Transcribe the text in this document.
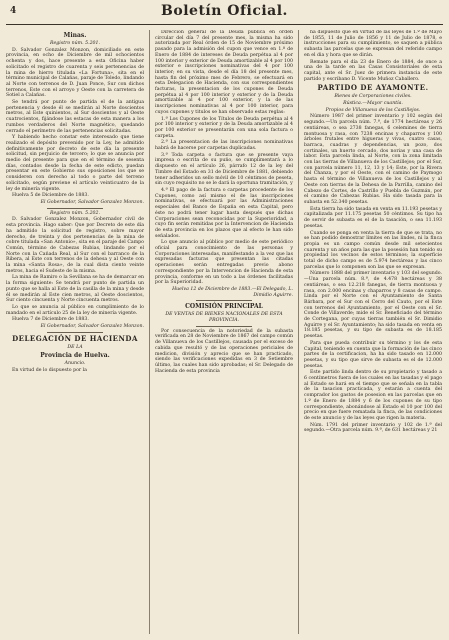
4	Boletín Oficial.
Minas.
Registro núm. 5.201.

D. Salvador Gonzalez Monzon, domiciliado en este provincia, en ocho de Diciembre de mil ochocientos ochenta y dos, hace presente a esta Oficina haber solicitado el registro de cuarenta y seis pertenencias de la mina de hierro titulada «La Fortuna», sita en el término municipal de Calañas, paraje de Toledo, lindando al Norte con terrenos de D. Juan Ponce, Sur con dichos terrenos, Este con el arroyo y Oeste con la carretera de Sotiel a Calañas.

Se tendrá por punto de partida el de la antigua pertenencia y desde él se medirán al Norte doscientos metros, al Este quinientos, al Sur doscientos y al Oeste cuatrocientos, fijándose las estacas de esta manera a los rumbos verdaderos del Norte magnético, quedando cerrado el perímetro de las pertenencias solicitadas.

Y habiendo hecho constar este interesado que tiene realizado el depósito prevenido por la Ley, he admitido definitivamente por decreto de este día la presente solicitud, sin perjuicio de tercero; lo que se anuncia por medio del presente para que en el término de sesenta días, contados desde la fecha de este edicto, puedan presentar en este Gobierno sus oposiciones los que se consideren con derecho al todo o parte del terreno solicitado, según previene el artículo veinticuatro de la ley de minería vigente.

Huelva 5 de Diciembre de 1883.

El Gobernador, Salvador Gonzalez Monzon.

Registro núm. 5.202.

D. Salvador Gonzalez Monzon, Gobernador civil de esta provincia. Hago saber: Que por Decreto de este día ha admitido la solicitud de registro, sobre mayor derecho, de treinta y dos pertenencias de la mina de cobre titulada «San Antonio», sita en el paraje del Campo Común, término de Cabezas Rubias, lindando por el Norte con la Cañada Real, al Sur con el barranco de la Ribera, al Este con terrenos de la dehesa y al Oeste con la mina «Santa Rosa», de la cual dista ciento veinte metros, hacia el Sudeste de la misma.

La mina de Ramiro o la Sevillana se ha de demarcar en la forma siguiente: Se tendrá por punto de partida un punto que se halla al Este de la casilla de la mina y desde él se medirán al Este cien metros, al Oeste doscientos, Sur ciento cincuenta y Norte cincuenta metros.

Lo que se anuncia al público en cumplimiento de lo mandado en el artículo 25 de la ley de minería vigente.

Huelva 7 de Diciembre de 1883.

El Gobernador, Salvador Gonzalez Monzon.

DELEGACIÓN DE HACIENDA
DE LA
Provincia de Huelva.
Anuncio.

En virtud de lo dispuesto por la

Direccion general de la Deuda pública en orden circular del día 7 del presente mes, la misma ha sido autorizada por Real órden de 15 de Noviembre próximo pasado para la admisión del cupon que vence en 1.º de Enero de 1884 de intereses de Deuda perpétua al 4 por 100 interior y exterior de Deuda amortizable al 4 por 100 exterior e inscripciones nominativas del 4 por 100 interior; en su vista, desde el día 18 del presente mes, hasta fin del próximo mes de Febrero, se efectuará en esta Delegacion de Hacienda, con sus correspondientes facturas, la presentacion de los cupones de Deuda perpétua al 4 por 100 interior y exterior y de la Deuda amortizable al 4 por 100 exterior, y la de las inscripciones nominativas al 4 por 100 interior, para cuyos cupones y titulos se han observado estas reglas:

1.ª Los Cupones de los Títulos de Deuda perpétua al 4 por 100 interior y exterior y de la Deuda amortizable al 4 por 100 exterior se presentarán con una sola factura o carpeta.

2.ª La presentacion de las inscripciones nominativas habrá de hacerse por carpetas duplicadas.

3.ª Toda carpeta o factura que se presente vaya impresa o escrita de su puño, se cumplimentará a lo dispuesto en el artículo 26, párrafo 12 de la ley del Timbre del Estado en 31 de Diciembre de 1881, debiendo tener adheridos un sello móvil de 10 céntimos de peseta, sin cuyo requisito no se le dará la oportuna tramitación, y

4.ª El pago de la factura o carpetas procedente de los Cupones, como así mismo el de las inscripciones nominativas, se efectuará por las Administraciones especiales del Banco de España en esta Capital, pero éste no podrá tener lugar hasta después que dichas Corporaciones sean reconocidas por la Superioridad, a cuyo fin serán remitidas por la Intervencion de Hacienda de esta provincia en los plazos que al efecto le han sido señalados.

Lo que anuncio al público por medio de este periódico oficial para conocimiento de las personas y Corporaciones interesadas, manifestando a la vez que las expresadas facturas que presentan las citadas operaciones serán entregadas previo abono correspondiente por la Intervencion de Hacienda de esta provincia, conforme en un todo a las órdenes facilitadas por la Superioridad.

Huelva 12 de Diciembre de 1883.—El Delegado, L. Dimidio Aguirre.

COMISIÓN PRINCIPAL
DE VENTAS DE BIENES NACIONALES DE ESTA PROVINCIA.

Por consecuencia de la notoriedad de la subasta verificada en 28 de Noviembre de 1867 del campo común de Villanueva de los Castillejos, causada por el exceso de cabida que resultó y de las operaciones periciales de medicion, división y aprecio que se han practicado, siendo las verificaciones expedidas en 3 de Setiembre último, las cuales han sido aprobadas; el Sr. Delegado de Hacienda de esta provincia

ha dispuesto que en virtud de las leyes de 1.º de Mayo de 1855, 11 de Julio de 1856 y 11 de Julio de 1878, e instrucciones para su cumplimiento, se saquen a pública subasta las parcelas que se expresan del referido campo en el dia y hora que se dirán.

Remate para el día 23 de Enero de 1884, de once a una de la tarde en las Casas Consistoriales de esta capital, ante el Sr. Juez de primera instancia de este partido y escribano D. Vicente Muñoz Caballero.

PARTIDO DE AYAMONTE.
Bienes de Corporaciones civiles.
Rústica.—Mayor cuantía.
Propios de Villanueva de los Castillejos.

Número 1987 del primer inventario y 102 según del segundo.—Un parcela núm. 7.ª, de 1774 hectáreas y 26 centiáreas, o sea 2738 fanegas, 6 celemines de tierra montuosa y rasa, con 7238 encinas y chaparros y 100 árboles frutales entre higueras y vivas, cuatro casas, barraca, cuadras y dependencias, un pozo, dos cortinales, un huerto cercado, dos norias y una casa de labor. Esta parcela linda, al Norte, con la zona limitada con las tierras de Villanueva de los Castillejos; por el Sur, con parcela número 11, 12, 13 y 14; Este, por la Rivera del Chanza, y por el Oeste, con el camino de Paymogo hasta el término de Villanueva de los Castillejos y al Oeste con tierras de la Dehesa de la Parrilla, camino del Cabezo de Cortes, de Castrillo y Puebla de Guzmán, por el camino de Cabezas Rubias. Ha sido tasada para la subasta en 52.340 pesetas.

Esta tierra ha sido tasada en venta en 11.193 pesetas y capitalizada por 11.175 pesetas 50 céntimos. Su tipo ha de servir de subasta es el de la tasación, o sea 11.193 pesetas.

Cuando se ponga en venta la tierra de que se trata, no se han podido demostrar límites en las lindes, ni la finca propia es un campo común desde mil setecientos cuarenta y un años para las que la posesión han tenido su propiedad los vecinos de estos términos; la superficie total de dicho campo es de 5.974 hectáreas y las cinco parcelas que lo componen son las que se expresan.

Número 1888 del primer inventario y 103 del segundo.—Una parcela núm. 8.ª, de 4.478 hectáreas y 38 centiáreas, o sea 12.218 fanegas, de tierra montuosa y rasa, con 2.000 encinas y chaparros y 8 casas de campo. Linda por el Norte con el Ayuntamiento de Santa Bárbara, por el Sur con el Cerro del Cauto, por el Este con terrenos del Ayuntamiento, por el Oeste con el Sr. Conde de Villaverde; mide el Sr. Beneficiado del término de Cortegana, por cuyas tierras también el Sr. Dimidio Aguirre y el Sr. Ayuntamiento; ha sido tasada en venta en 18.185 pesetas, y su tipo de subasta es de 18.185 pesetas.

Para que pueda contribuir su término y los de esta Capital, teniendo en cuenta que la formación de las cinco partes de la certificacion, ha ha sido tasado en 12.000 pesetas, y su tipo que sirve de subasta es el de 12.000 pesetas.

Este partido linda dentro de su propietario y tasado a 6 centímetros fuera de los cuales en las tasadas y el pago al Estado se hará en el tiempo que se señala en la tabla de la tasacion practicada, y estarán a cuenta del comprador los gastos de posesion en las parcelas que en 1.º de Enero de 1884 y 6 de los cupones de su tipo correspondiente, abonándose al Estado el 10 por 100 del precio en que fuere rematada la finca, de las condiciones de este anuncio y de las leyes que rigen la materia.

Núm. 1791 del primer inventario y 102 de 1.ª del segundo.—Otra parcela núm. 9.ª, de 631 hectáreas y 21
